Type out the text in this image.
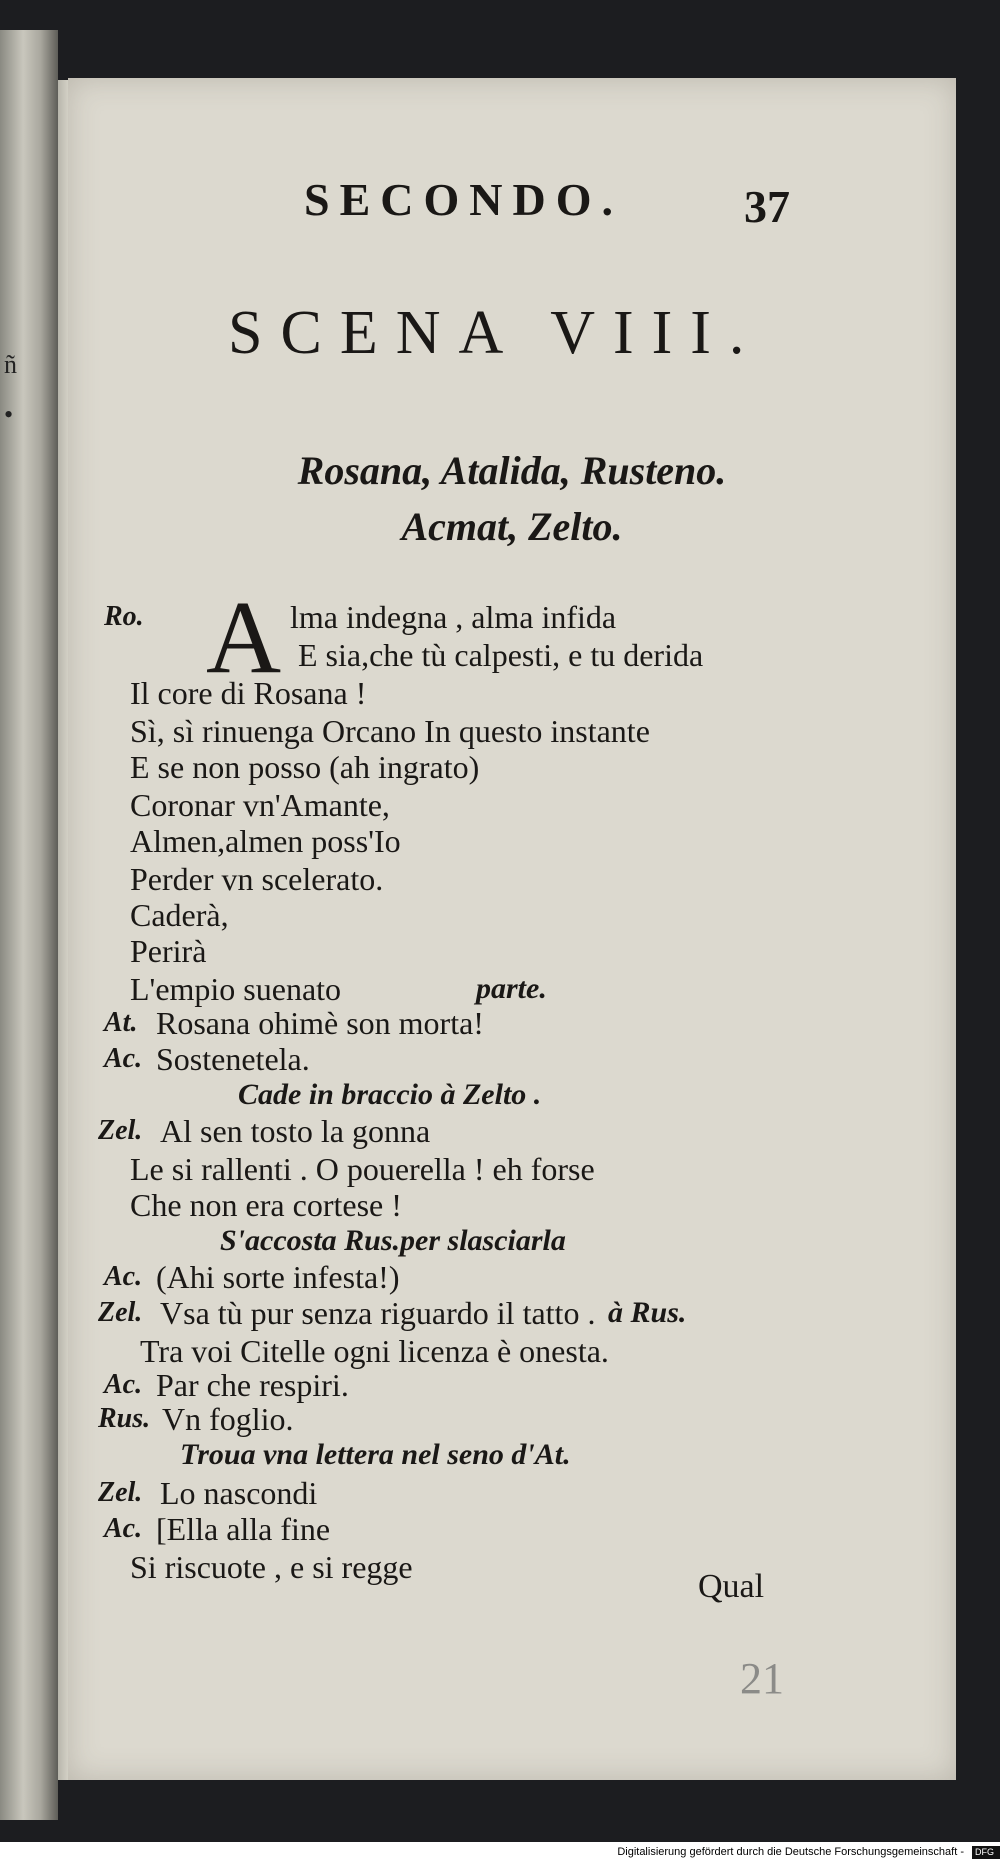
ñ
•
SECONDO.	37
SCENA VIII.
Rosana, Atalida, Rusteno.
Acmat, Zelto.
A
Ro.	lma indegna , alma infida
E sia,che tù calpesti, e tu derida
Il core di Rosana !
Sì, sì rinuenga Orcano In questo instante
E se non posso (ah ingrato)
Coronar vn'Amante,
Almen,almen poss'Io
Perder vn scelerato.
Caderà,
Perirà
L'empio suenato	parte.
At. Rosana ohimè son morta!
Ac. Sostenetela.
Cade in braccio à Zelto .
Zel. Al sen tosto la gonna
Le si rallenti . O pouerella ! eh forse
Che non era cortese !
S'accosta Rus.per slasciarla
Ac. (Ahi sorte infesta!)
Zel. Vsa tù pur senza riguardo il tatto . à Rus.
Tra voi Citelle ogni licenza è onesta.
Ac. Par che respiri.
Rus. Vn foglio.
Troua vna lettera nel seno d'At.
Zel. Lo nascondi
Ac. [Ella alla fine
Si riscuote , e si regge
Qual
21
Digitalisierung gefördert durch die Deutsche Forschungsgemeinschaft - DFG
